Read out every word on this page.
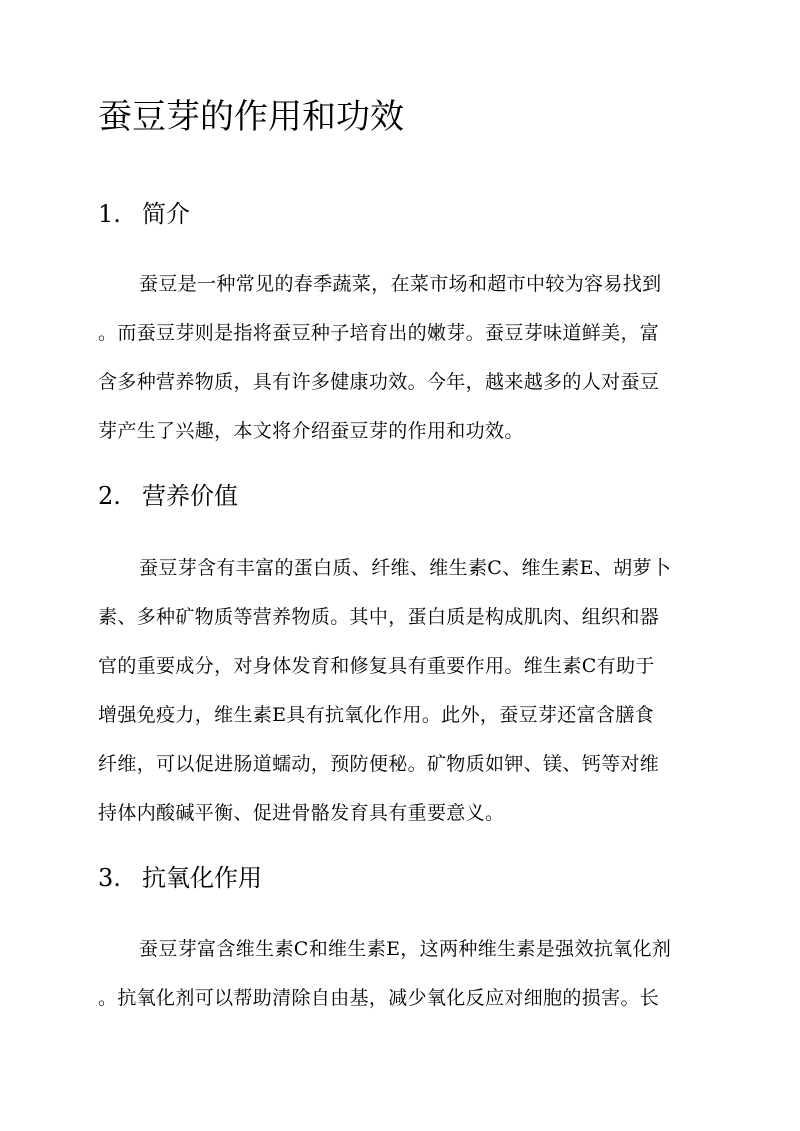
蚕豆芽的作用和功效
1. 简介
蚕豆是一种常见的春季蔬菜，在菜市场和超市中较为容易找到
。而蚕豆芽则是指将蚕豆种子培育出的嫩芽。蚕豆芽味道鲜美，富
含多种营养物质，具有许多健康功效。今年，越来越多的人对蚕豆
芽产生了兴趣，本文将介绍蚕豆芽的作用和功效。
2. 营养价值
蚕豆芽含有丰富的蛋白质、纤维、维生素C、维生素E、胡萝卜
素、多种矿物质等营养物质。其中，蛋白质是构成肌肉、组织和器
官的重要成分，对身体发育和修复具有重要作用。维生素C有助于
增强免疫力，维生素E具有抗氧化作用。此外，蚕豆芽还富含膳食
纤维，可以促进肠道蠕动，预防便秘。矿物质如钾、镁、钙等对维
持体内酸碱平衡、促进骨骼发育具有重要意义。
3. 抗氧化作用
蚕豆芽富含维生素C和维生素E，这两种维生素是强效抗氧化剂
。抗氧化剂可以帮助清除自由基，减少氧化反应对细胞的损害。长
